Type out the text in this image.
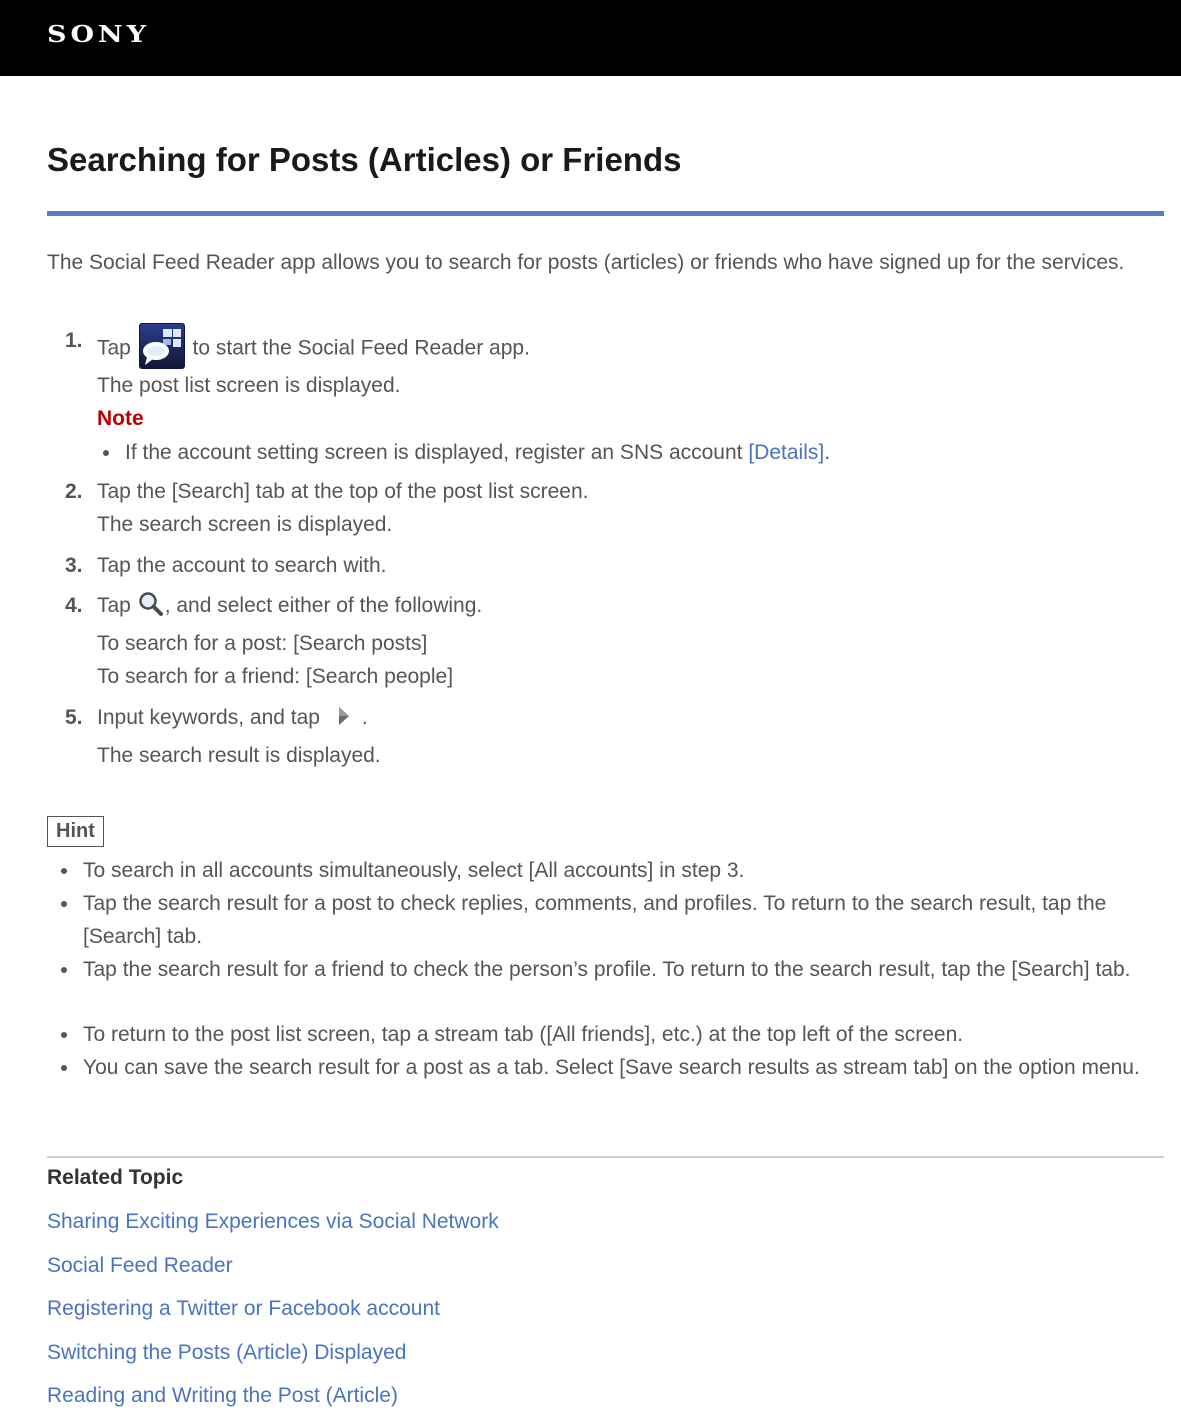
SONY
Searching for Posts (Articles) or Friends

The Social Feed Reader app allows you to search for posts (articles) or friends who have signed up for the services.

1. Tap  to start the Social Feed Reader app.
The post list screen is displayed.
Note
If the account setting screen is displayed, register an SNS account [Details].
2. Tap the [Search] tab at the top of the post list screen.
The search screen is displayed.
3. Tap the account to search with.
4. Tap , and select either of the following.
To search for a post: [Search posts]
To search for a friend: [Search people]
5. Input keywords, and tap .
The search result is displayed.
Hint

To search in all accounts simultaneously, select [All accounts] in step 3.

Tap the search result for a post to check replies, comments, and profiles. To return to the search result, tap the [Search] tab.

Tap the search result for a friend to check the person’s profile. To return to the search result, tap the [Search] tab.

To return to the post list screen, tap a stream tab ([All friends], etc.) at the top left of the screen.

You can save the search result for a post as a tab. Select [Save search results as stream tab] on the option menu.

Related Topic
Sharing Exciting Experiences via Social Network
Social Feed Reader
Registering a Twitter or Facebook account
Switching the Posts (Article) Displayed
Reading and Writing the Post (Article)
